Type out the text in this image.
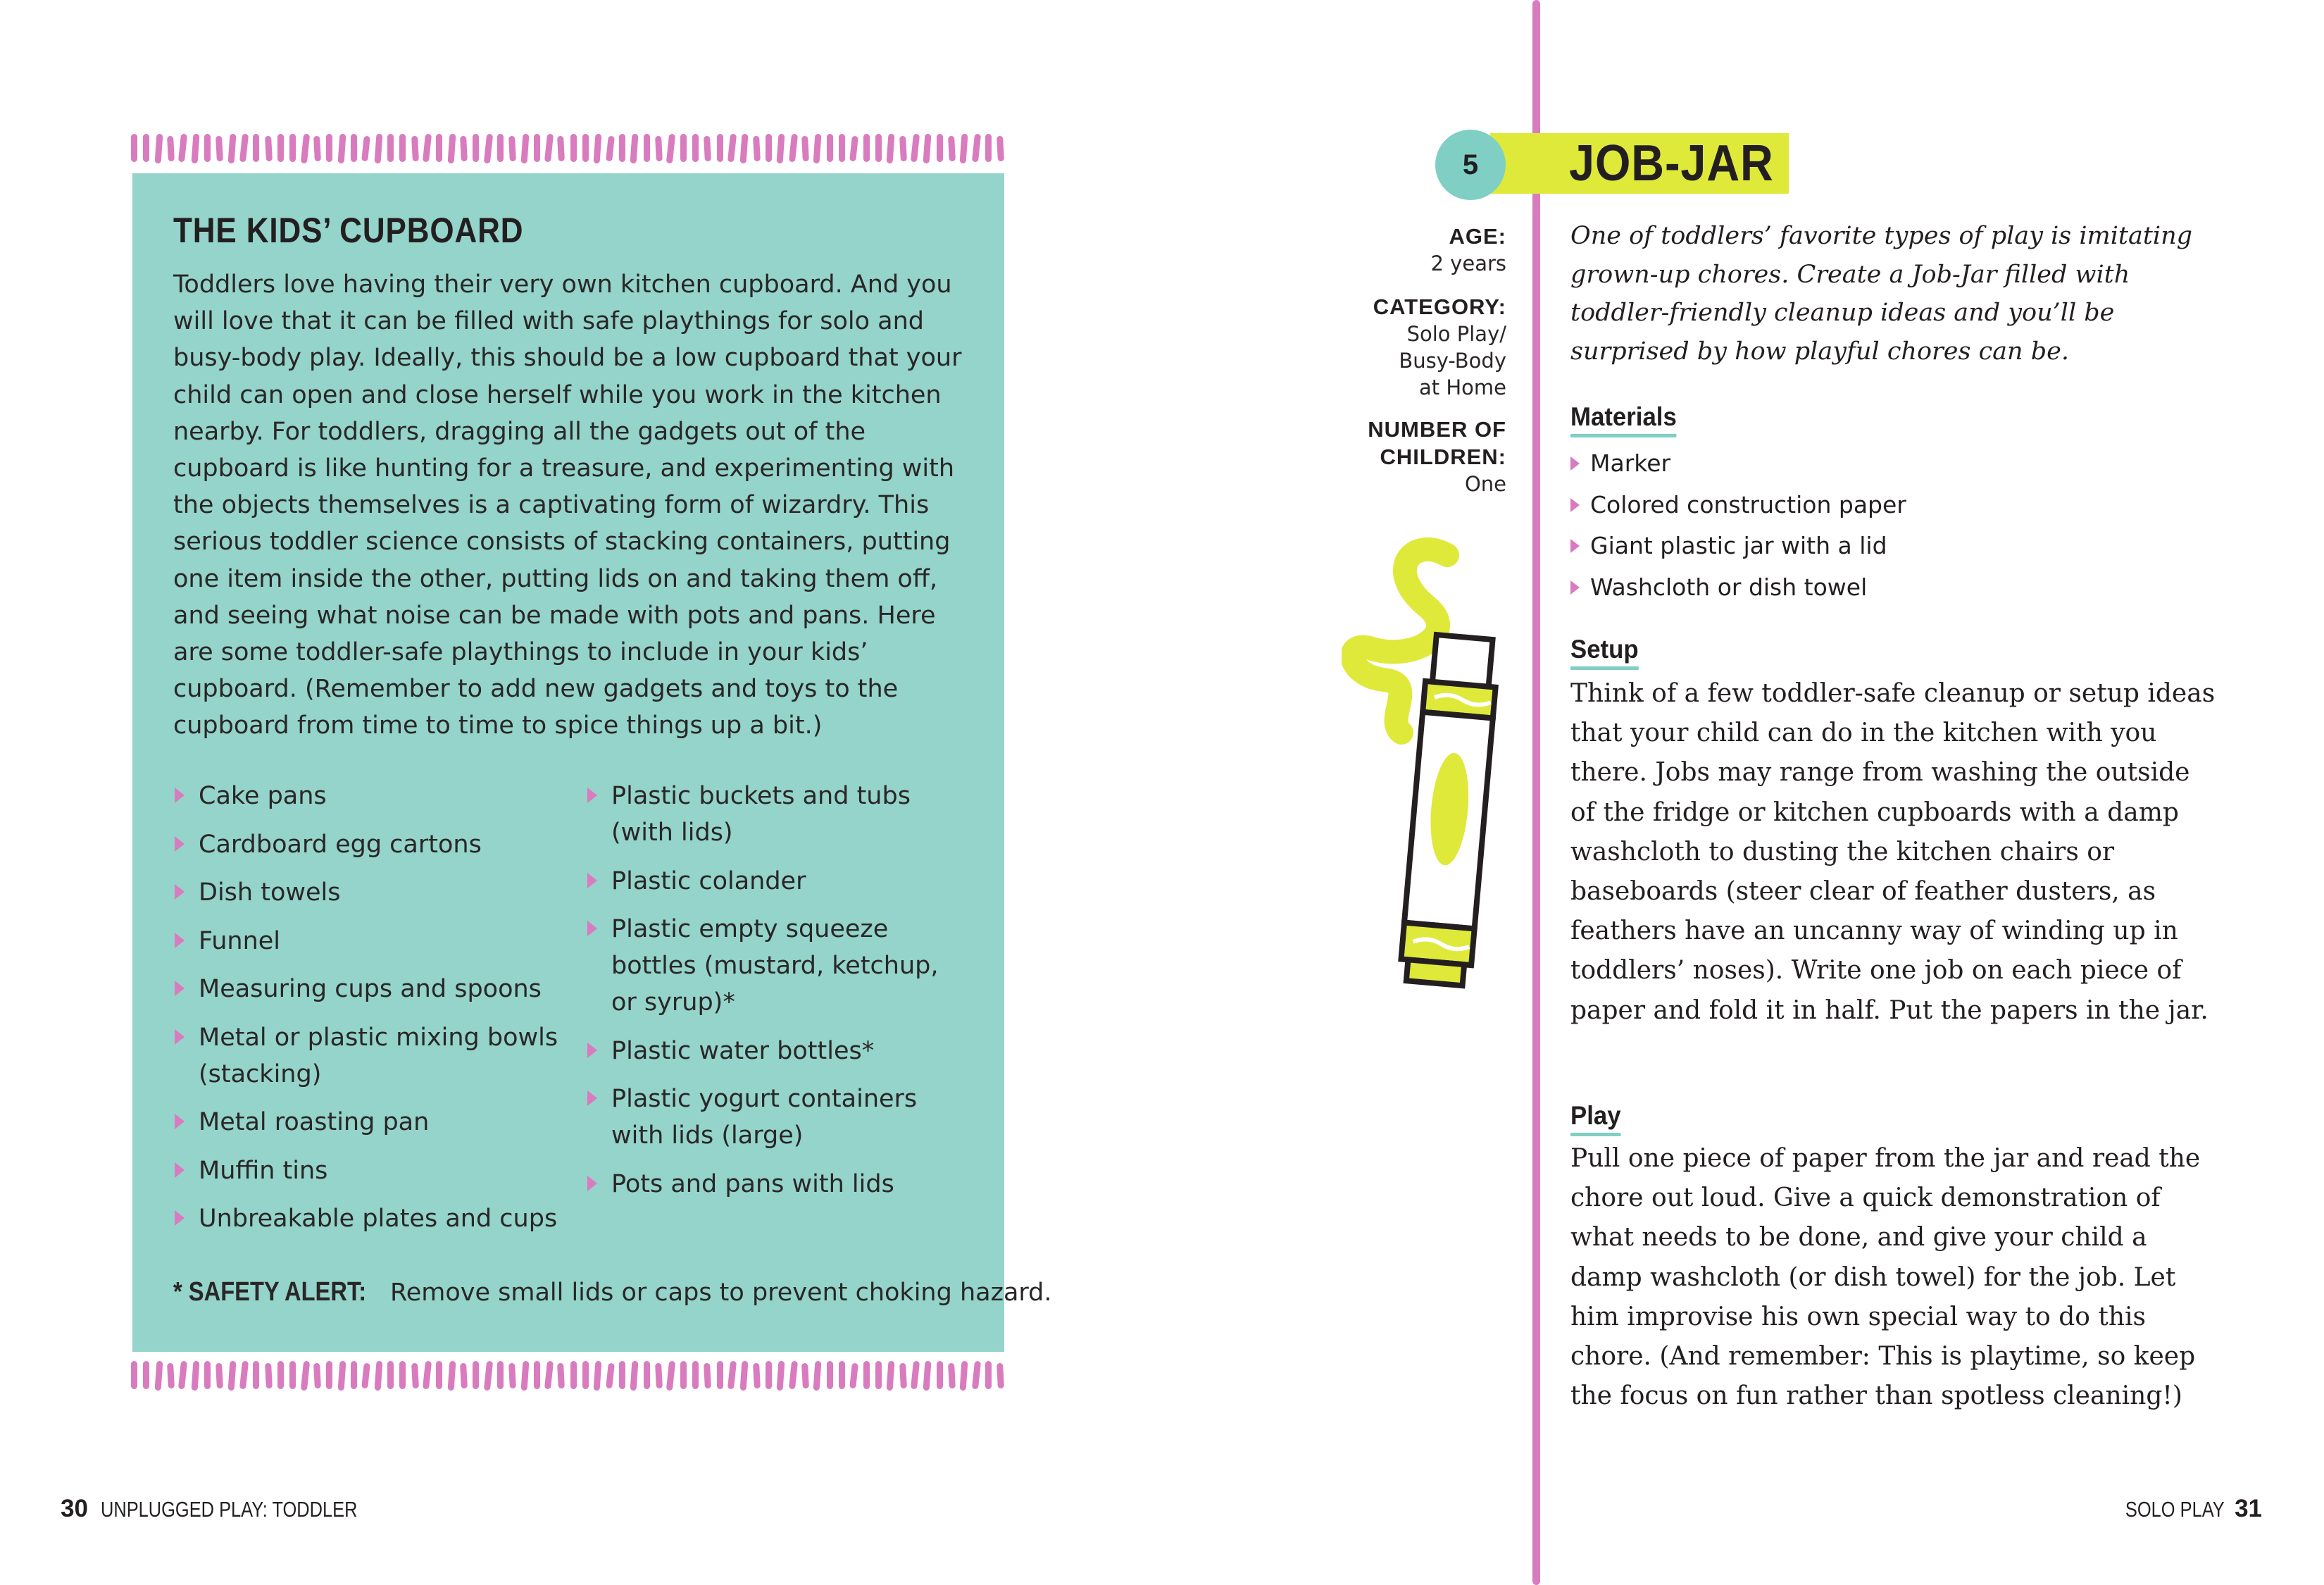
THE KIDS’ CUPBOARD

Toddlers love having their very own kitchen cupboard. And you will love that it can be filled with safe playthings for solo and busy-body play. Ideally, this should be a low cupboard that your child can open and close herself while you work in the kitchen nearby. For toddlers, dragging all the gadgets out of the cupboard is like hunting for a treasure, and experimenting with the objects themselves is a captivating form of wizardry. This serious toddler science consists of stacking containers, putting one item inside the other, putting lids on and taking them off, and seeing what noise can be made with pots and pans. Here are some toddler-safe playthings to include in your kids’ cupboard. (Remember to add new gadgets and toys to the cupboard from time to time to spice things up a bit.)

Cake pans
Cardboard egg cartons
Dish towels
Funnel
Measuring cups and spoons
Metal or plastic mixing bowls (stacking)
Metal roasting pan
Muffin tins
Unbreakable plates and cups
Plastic buckets and tubs (with lids)
Plastic colander
Plastic empty squeeze bottles (mustard, ketchup, or syrup)*
Plastic water bottles*
Plastic yogurt containers with lids (large)
Pots and pans with lids

* SAFETY ALERT: Remove small lids or caps to prevent choking hazard.

30 UNPLUGGED PLAY: TODDLER
5	JOB-JAR
AGE:
2 years
CATEGORY:
Solo Play/
Busy-Body
at Home
NUMBER OF
CHILDREN:
One

One of toddlers’ favorite types of play is imitating grown-up chores. Create a Job-Jar filled with toddler-friendly cleanup ideas and you’ll be surprised by how playful chores can be.

Materials
Marker
Colored construction paper
Giant plastic jar with a lid
Washcloth or dish towel
Setup

Think of a few toddler-safe cleanup or setup ideas that your child can do in the kitchen with you there. Jobs may range from washing the outside of the fridge or kitchen cupboards with a damp washcloth to dusting the kitchen chairs or baseboards (steer clear of feather dusters, as feathers have an uncanny way of winding up in toddlers’ noses). Write one job on each piece of paper and fold it in half. Put the papers in the jar.

Play

Pull one piece of paper from the jar and read the chore out loud. Give a quick demonstration of what needs to be done, and give your child a damp washcloth (or dish towel) for the job. Let him improvise his own special way to do this chore. (And remember: This is playtime, so keep the focus on fun rather than spotless cleaning!)

SOLO PLAY 31
